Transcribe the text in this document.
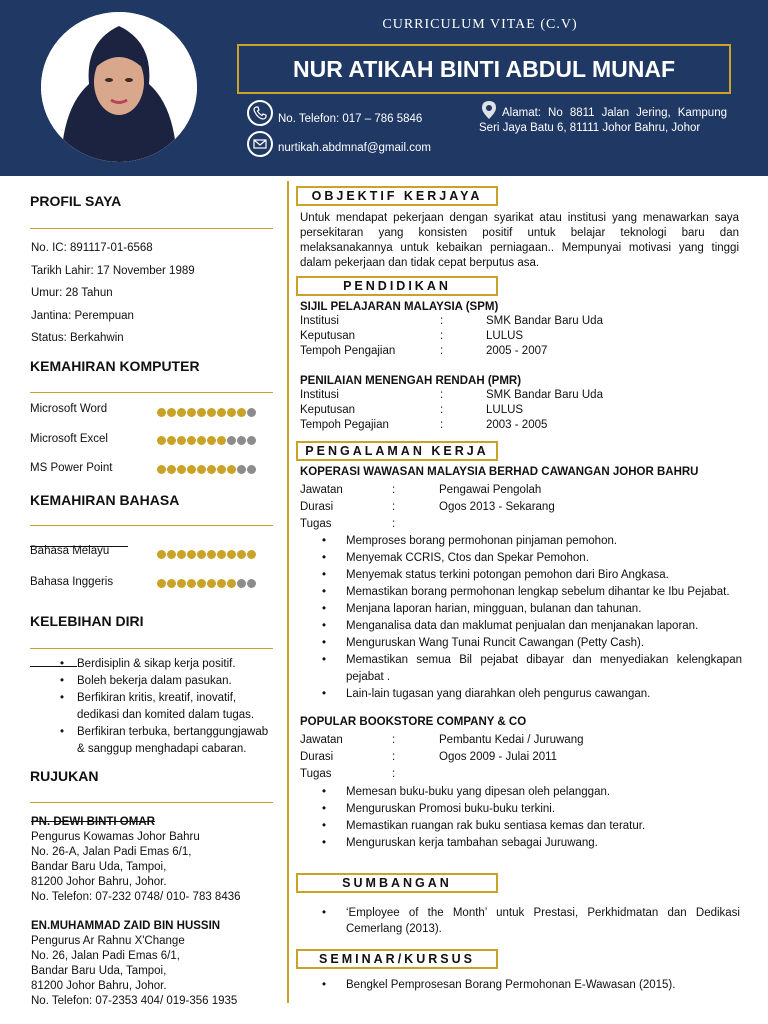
CURRICULUM VITAE (C.V)
NUR ATIKAH BINTI ABDUL MUNAF
No. Telefon: 017 – 786 5846
nurtikah.abdmnaf@gmail.com
Alamat: No 8811 Jalan Jering, Kampung Seri Jaya Batu 6, 81111 Johor Bahru, Johor
PROFIL SAYA
No. IC: 891117-01-6568
Tarikh Lahir: 17 November 1989
Umur: 28 Tahun
Jantina: Perempuan
Status: Berkahwin
KEMAHIRAN KOMPUTER
Microsoft Word
Microsoft Excel
MS Power Point
KEMAHIRAN BAHASA
Bahasa Melayu
Bahasa Inggeris
KELEBIHAN DIRI
• Berdisiplin & sikap kerja positif.
• Boleh bekerja dalam pasukan.
• Berfikiran kritis, kreatif, inovatif, dedikasi dan komited dalam tugas.
• Berfikiran terbuka, bertanggungjawab & sanggup menghadapi cabaran.
RUJUKAN
PN. DEWI BINTI OMAR
Pengurus Kowamas Johor Bahru
No. 26-A, Jalan Padi Emas 6/1,
Bandar Baru Uda, Tampoi,
81200 Johor Bahru, Johor.
No. Telefon: 07-232 0748/ 010- 783 8436
EN.MUHAMMAD ZAID BIN HUSSIN
Pengurus Ar Rahnu X'Change
No. 26, Jalan Padi Emas 6/1,
Bandar Baru Uda, Tampoi,
81200 Johor Bahru, Johor.
No. Telefon: 07-2353 404/ 019-356 1935
OBJEKTIF KERJAYA
Untuk mendapat pekerjaan dengan syarikat atau institusi yang menawarkan saya persekitaran yang konsisten positif untuk belajar teknologi baru dan melaksanakannya untuk kebaikan perniagaan.. Mempunyai motivasi yang tinggi dalam pekerjaan dan tidak cepat berputus asa.
PENDIDIKAN
SIJIL PELAJARAN MALAYSIA (SPM)
Institusi	:	SMK Bandar Baru Uda
Keputusan	:	LULUS
Tempoh Pengajian	:	2005 - 2007
PENILAIAN MENENGAH RENDAH (PMR)
Institusi	:	SMK Bandar Baru Uda
Keputusan	:	LULUS
Tempoh Pegajian	:	2003 - 2005
PENGALAMAN KERJA
KOPERASI WAWASAN MALAYSIA BERHAD CAWANGAN JOHOR BAHRU
Jawatan	:	Pengawai Pengolah
Durasi	:	Ogos 2013 - Sekarang
Tugas	:
• Memproses borang permohonan pinjaman pemohon.
• Menyemak CCRIS, Ctos dan Spekar Pemohon.
• Menyemak status terkini potongan pemohon dari Biro Angkasa.
• Memastikan borang permohonan lengkap sebelum dihantar ke Ibu Pejabat.
• Menjana laporan harian, mingguan, bulanan dan tahunan.
• Menganalisa data dan maklumat penjualan dan menjanakan laporan.
• Menguruskan Wang Tunai Runcit Cawangan (Petty Cash).
• Memastikan semua Bil pejabat dibayar dan menyediakan kelengkapan pejabat .
• Lain-lain tugasan yang diarahkan oleh pengurus cawangan.
POPULAR BOOKSTORE COMPANY & CO
Jawatan	:	Pembantu Kedai / Juruwang
Durasi	:	Ogos 2009 - Julai 2011
Tugas	:
• Memesan buku-buku yang dipesan oleh pelanggan.
• Menguruskan Promosi buku-buku terkini.
• Memastikan ruangan rak buku sentiasa kemas dan teratur.
• Menguruskan kerja tambahan sebagai Juruwang.
SUMBANGAN
• ‘Employee of the Month’ untuk Prestasi, Perkhidmatan dan Dedikasi Cemerlang (2013).
SEMINAR/KURSUS
• Bengkel Pemprosesan Borang Permohonan E-Wawasan (2015).
